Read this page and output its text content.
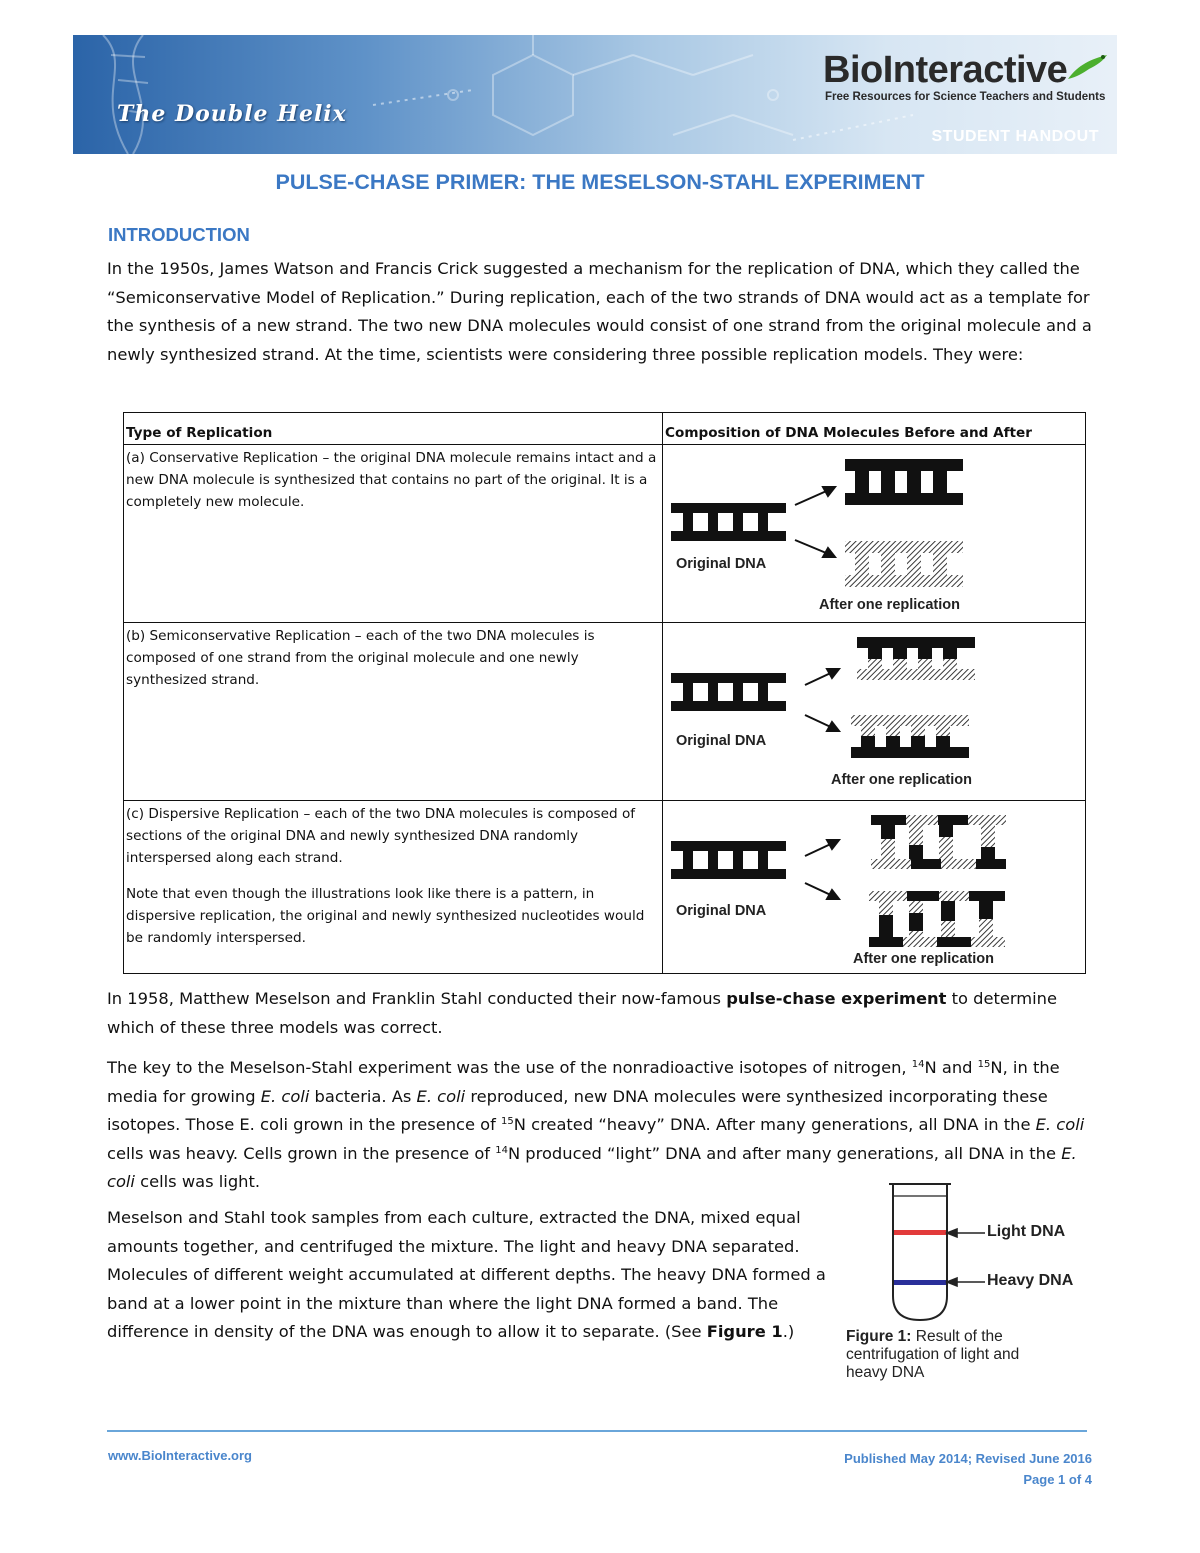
The Double Helix
BioInteractive
Free Resources for Science Teachers and Students
STUDENT HANDOUT
PULSE-CHASE PRIMER: THE MESELSON-STAHL EXPERIMENT
INTRODUCTION

In the 1950s, James Watson and Francis Crick suggested a mechanism for the replication of DNA, which they called the “Semiconservative Model of Replication.” During replication, each of the two strands of DNA would act as a template for the synthesis of a new strand. The two new DNA molecules would consist of one strand from the original molecule and a newly synthesized strand. At the time, scientists were considering three possible replication models. They were:

Type of Replication	Composition of DNA Molecules Before and After
(a) Conservative Replication – the original DNA molecule remains intact and a new DNA molecule is synthesized that contains no part of the original. It is a completely new molecule.	Original DNA
After one replication

(b) Semiconservative Replication – each of the two DNA molecules is composed of one strand from the original molecule and one newly synthesized strand.	Original DNA
After one replication

(c) Dispersive Replication – each of the two DNA molecules is composed of sections of the original DNA and newly synthesized DNA randomly interspersed along each strand.
Note that even though the illustrations look like there is a pattern, in dispersive replication, the original and newly synthesized nucleotides would be randomly interspersed.	Original DNA
After one replication

In 1958, Matthew Meselson and Franklin Stahl conducted their now-famous pulse-chase experiment to determine which of these three models was correct.

The key to the Meselson-Stahl experiment was the use of the nonradioactive isotopes of nitrogen, $^{14}$N and $^{15}$N, in the media for growing E. coli bacteria. As E. coli reproduced, new DNA molecules were synthesized incorporating these isotopes. Those E. coli grown in the presence of $^{15}$N created “heavy” DNA. After many generations, all DNA in the E. coli cells was heavy. Cells grown in the presence of $^{14}$N produced “light” DNA and after many generations, all DNA in the E. coli cells was light.

Meselson and Stahl took samples from each culture, extracted the DNA, mixed equal amounts together, and centrifuged the mixture. The light and heavy DNA separated. Molecules of different weight accumulated at different depths. The heavy DNA formed a band at a lower point in the mixture than where the light DNA formed a band. The difference in density of the DNA was enough to allow it to separate. (See Figure 1.)

Light DNA
Heavy DNA
Figure 1: Result of the centrifugation of light and heavy DNA
www.BioInteractive.org	Published May 2014; Revised June 2016
Page 1 of 4
